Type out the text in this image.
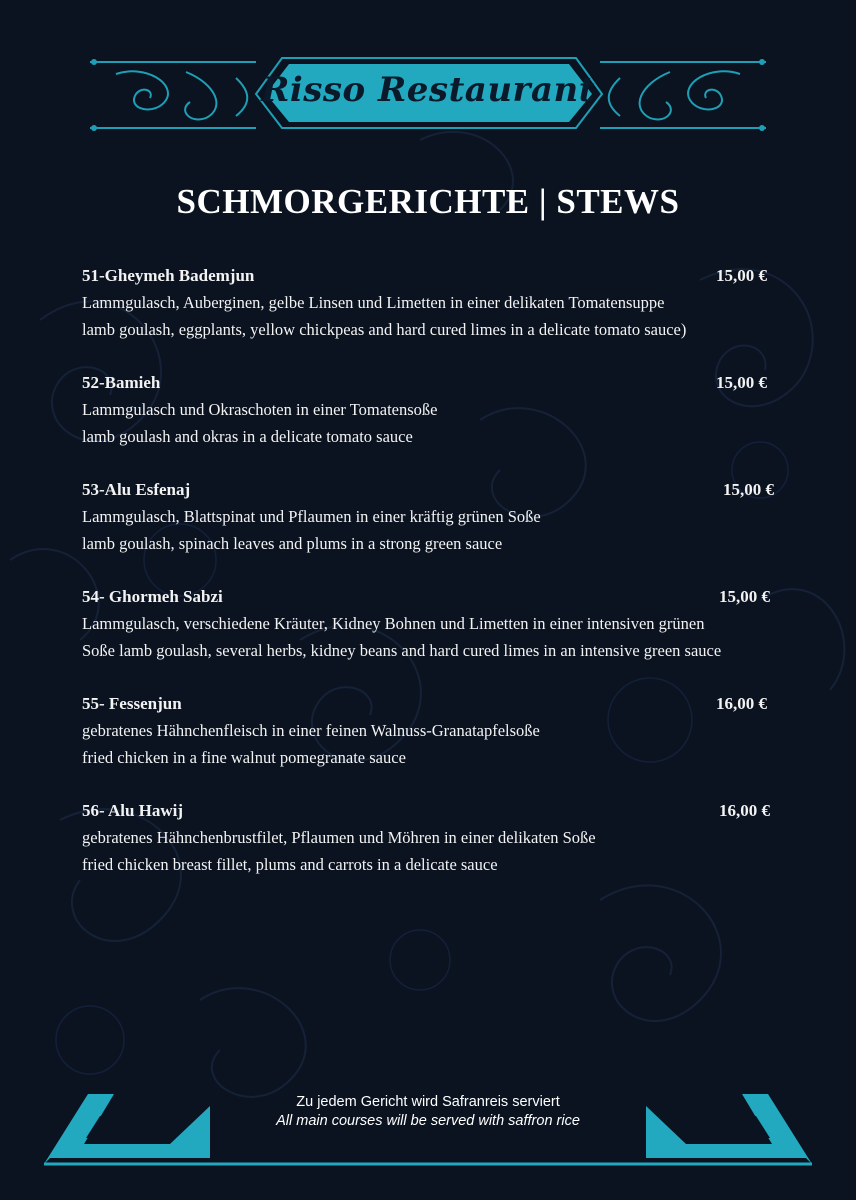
Risso Restaurant
SCHMORGERICHTE | STEWS
51-Gheymeh Bademjun	15,00 €
Lammgulasch, Auberginen, gelbe Linsen und Limetten in einer delikaten Tomatensuppe
lamb goulash, eggplants, yellow chickpeas and hard cured limes in a delicate tomato sauce)
52-Bamieh	15,00 €
Lammgulasch und Okraschoten in einer Tomatensoße
lamb goulash and okras in a delicate tomato sauce
53-Alu Esfenaj	15,00 €
Lammgulasch, Blattspinat und Pflaumen in einer kräftig grünen Soße
lamb goulash, spinach leaves and plums in a strong green sauce
54- Ghormeh Sabzi	15,00 €
Lammgulasch, verschiedene Kräuter, Kidney Bohnen und Limetten in einer intensiven grünen
Soße lamb goulash, several herbs, kidney beans and hard cured limes in an intensive green sauce
55- Fessenjun	16,00 €
gebratenes Hähnchenfleisch in einer feinen Walnuss-Granatapfelsoße
fried chicken in a fine walnut pomegranate sauce
56- Alu Hawij	16,00 €
gebratenes Hähnchenbrustfilet, Pflaumen und Möhren in einer delikaten Soße
fried chicken breast fillet, plums and carrots in a delicate sauce
Zu jedem Gericht wird Safranreis serviert
All main courses will be served with saffron rice
